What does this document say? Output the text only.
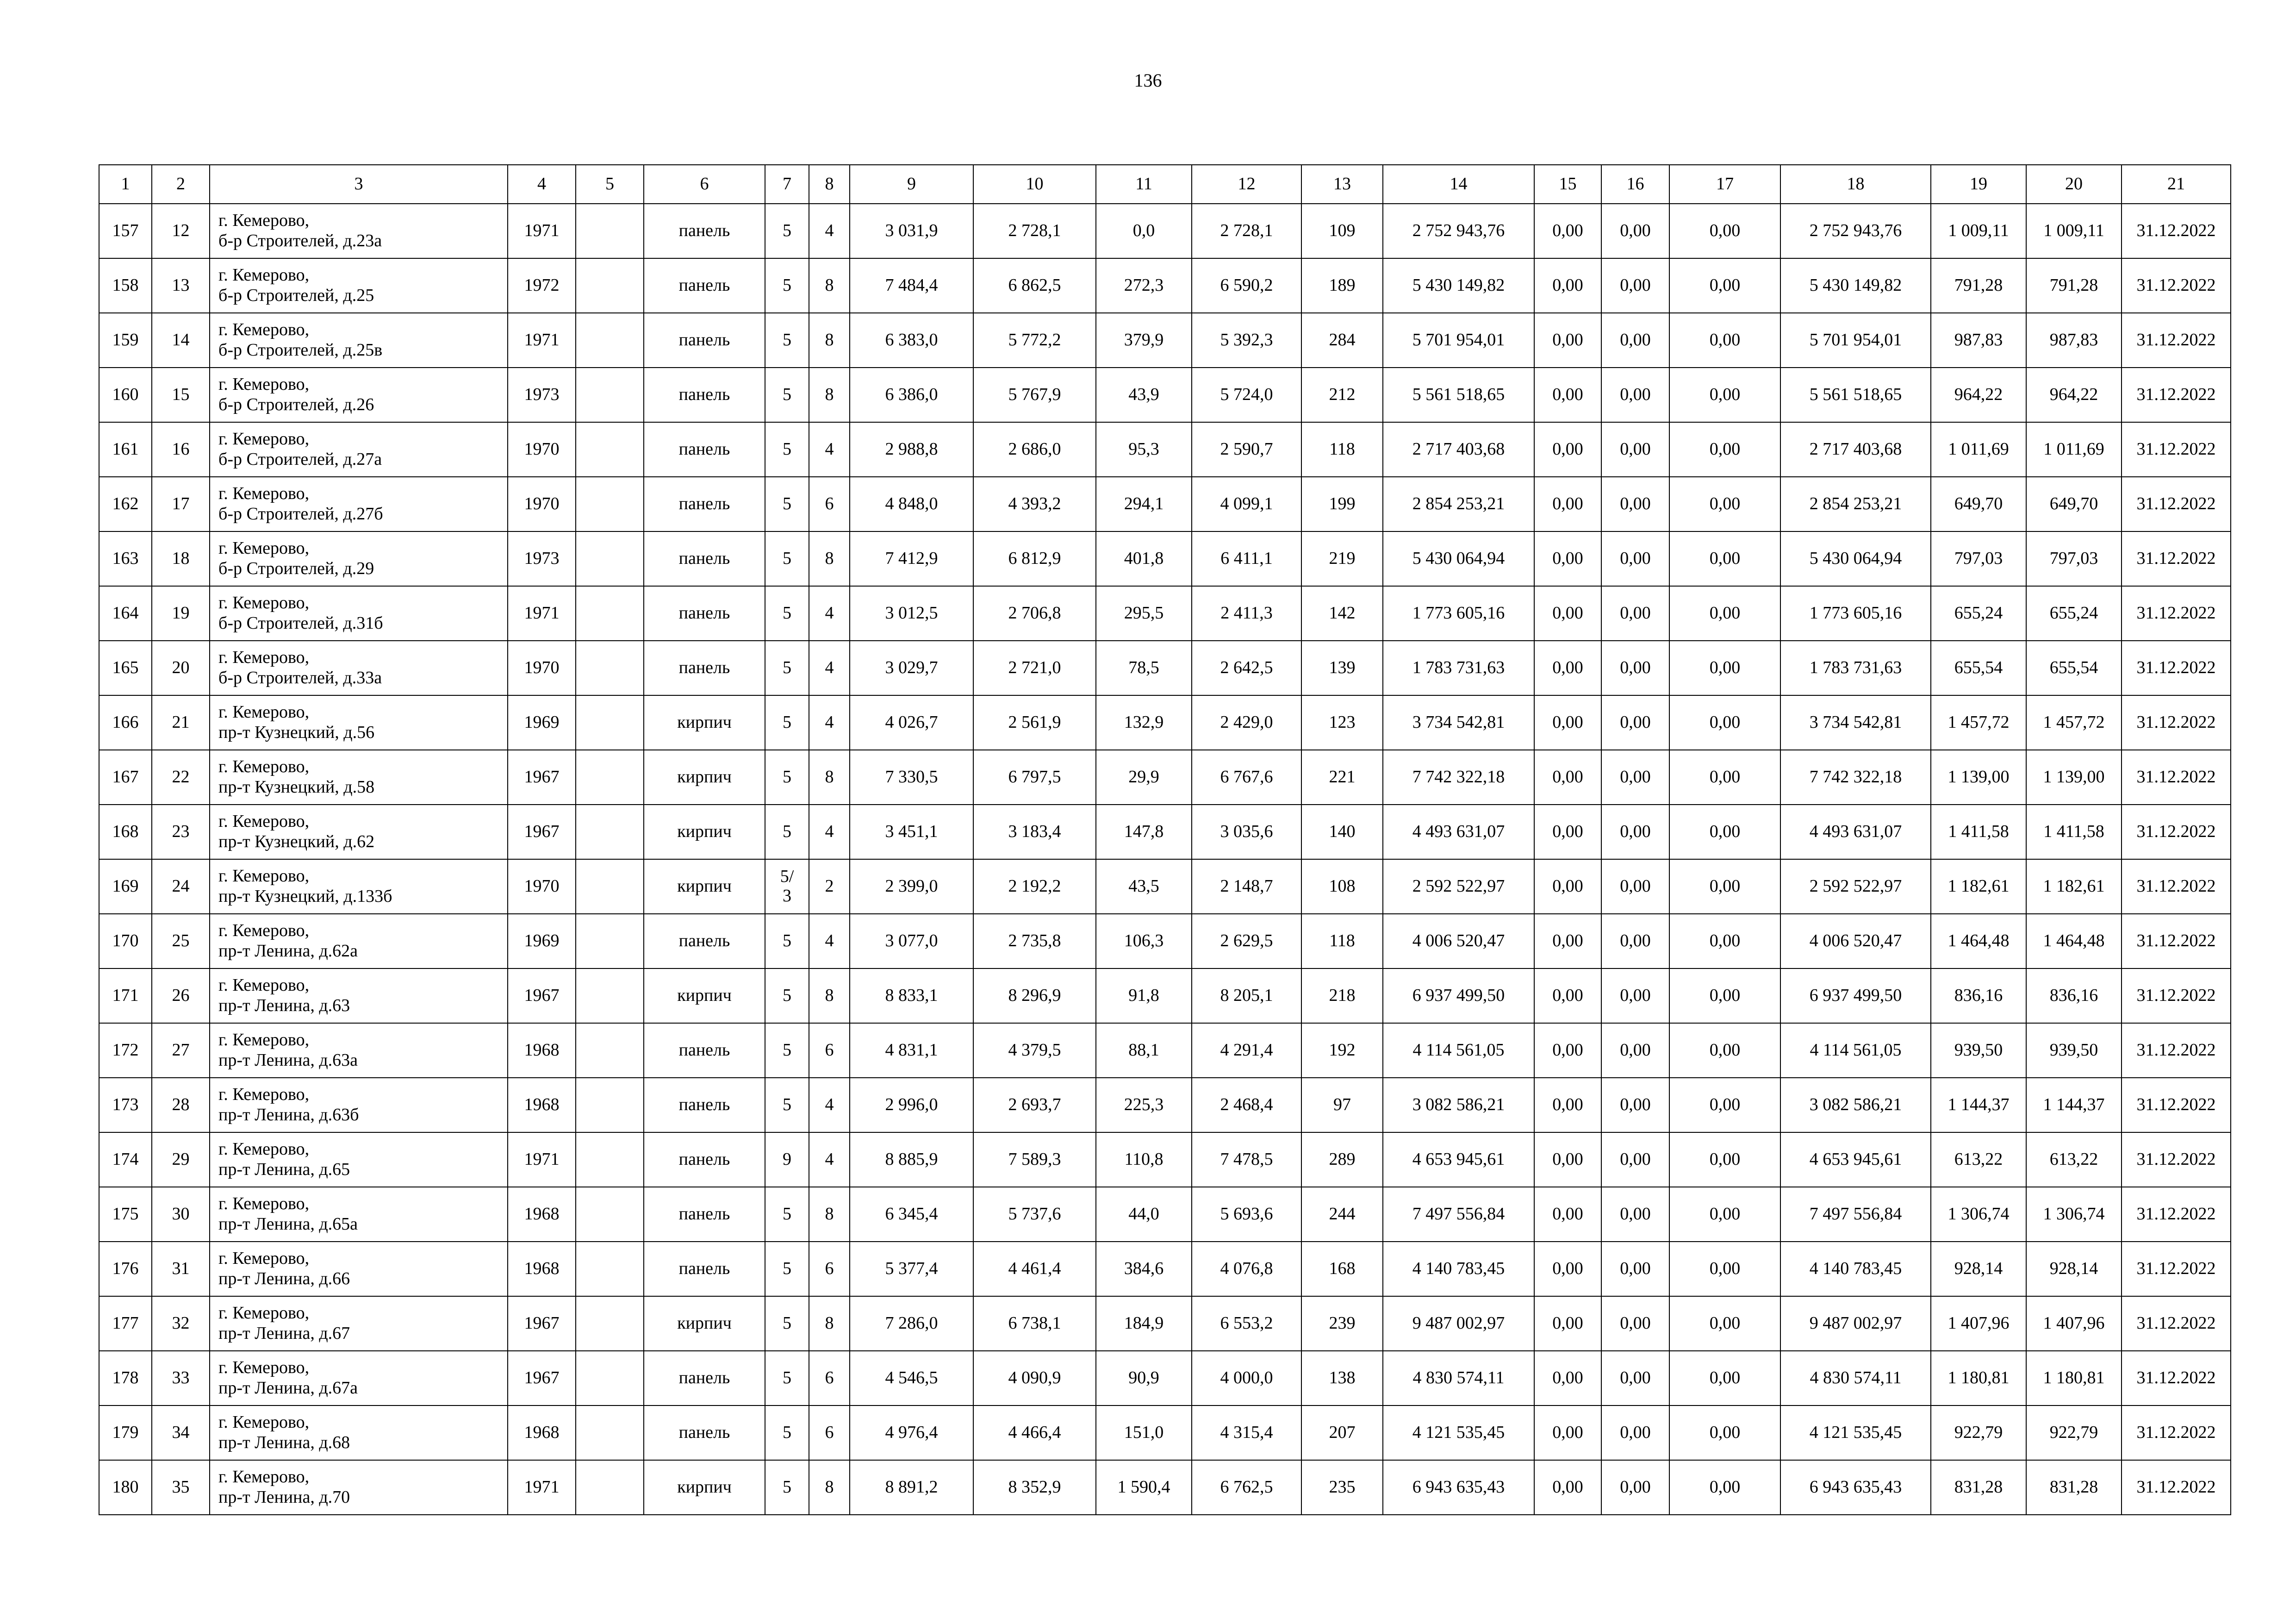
136
1	2	3	4	5	6	7	8	9	10	11	12	13	14	15	16	17	18	19	20	21
157	12	г. Кемерово,
б-р Строителей, д.23а	1971		панель	5	4	3 031,9	2 728,1	0,0	2 728,1	109	2 752 943,76	0,00	0,00	0,00	2 752 943,76	1 009,11	1 009,11	31.12.2022
158	13	г. Кемерово,
б-р Строителей, д.25	1972		панель	5	8	7 484,4	6 862,5	272,3	6 590,2	189	5 430 149,82	0,00	0,00	0,00	5 430 149,82	791,28	791,28	31.12.2022
159	14	г. Кемерово,
б-р Строителей, д.25в	1971		панель	5	8	6 383,0	5 772,2	379,9	5 392,3	284	5 701 954,01	0,00	0,00	0,00	5 701 954,01	987,83	987,83	31.12.2022
160	15	г. Кемерово,
б-р Строителей, д.26	1973		панель	5	8	6 386,0	5 767,9	43,9	5 724,0	212	5 561 518,65	0,00	0,00	0,00	5 561 518,65	964,22	964,22	31.12.2022
161	16	г. Кемерово,
б-р Строителей, д.27а	1970		панель	5	4	2 988,8	2 686,0	95,3	2 590,7	118	2 717 403,68	0,00	0,00	0,00	2 717 403,68	1 011,69	1 011,69	31.12.2022
162	17	г. Кемерово,
б-р Строителей, д.27б	1970		панель	5	6	4 848,0	4 393,2	294,1	4 099,1	199	2 854 253,21	0,00	0,00	0,00	2 854 253,21	649,70	649,70	31.12.2022
163	18	г. Кемерово,
б-р Строителей, д.29	1973		панель	5	8	7 412,9	6 812,9	401,8	6 411,1	219	5 430 064,94	0,00	0,00	0,00	5 430 064,94	797,03	797,03	31.12.2022
164	19	г. Кемерово,
б-р Строителей, д.31б	1971		панель	5	4	3 012,5	2 706,8	295,5	2 411,3	142	1 773 605,16	0,00	0,00	0,00	1 773 605,16	655,24	655,24	31.12.2022
165	20	г. Кемерово,
б-р Строителей, д.33а	1970		панель	5	4	3 029,7	2 721,0	78,5	2 642,5	139	1 783 731,63	0,00	0,00	0,00	1 783 731,63	655,54	655,54	31.12.2022
166	21	г. Кемерово,
пр-т Кузнецкий, д.56	1969		кирпич	5	4	4 026,7	2 561,9	132,9	2 429,0	123	3 734 542,81	0,00	0,00	0,00	3 734 542,81	1 457,72	1 457,72	31.12.2022
167	22	г. Кемерово,
пр-т Кузнецкий, д.58	1967		кирпич	5	8	7 330,5	6 797,5	29,9	6 767,6	221	7 742 322,18	0,00	0,00	0,00	7 742 322,18	1 139,00	1 139,00	31.12.2022
168	23	г. Кемерово,
пр-т Кузнецкий, д.62	1967		кирпич	5	4	3 451,1	3 183,4	147,8	3 035,6	140	4 493 631,07	0,00	0,00	0,00	4 493 631,07	1 411,58	1 411,58	31.12.2022
169	24	г. Кемерово,
пр-т Кузнецкий, д.133б	1970		кирпич	5/
3	2	2 399,0	2 192,2	43,5	2 148,7	108	2 592 522,97	0,00	0,00	0,00	2 592 522,97	1 182,61	1 182,61	31.12.2022
170	25	г. Кемерово,
пр-т Ленина, д.62а	1969		панель	5	4	3 077,0	2 735,8	106,3	2 629,5	118	4 006 520,47	0,00	0,00	0,00	4 006 520,47	1 464,48	1 464,48	31.12.2022
171	26	г. Кемерово,
пр-т Ленина, д.63	1967		кирпич	5	8	8 833,1	8 296,9	91,8	8 205,1	218	6 937 499,50	0,00	0,00	0,00	6 937 499,50	836,16	836,16	31.12.2022
172	27	г. Кемерово,
пр-т Ленина, д.63а	1968		панель	5	6	4 831,1	4 379,5	88,1	4 291,4	192	4 114 561,05	0,00	0,00	0,00	4 114 561,05	939,50	939,50	31.12.2022
173	28	г. Кемерово,
пр-т Ленина, д.63б	1968		панель	5	4	2 996,0	2 693,7	225,3	2 468,4	97	3 082 586,21	0,00	0,00	0,00	3 082 586,21	1 144,37	1 144,37	31.12.2022
174	29	г. Кемерово,
пр-т Ленина, д.65	1971		панель	9	4	8 885,9	7 589,3	110,8	7 478,5	289	4 653 945,61	0,00	0,00	0,00	4 653 945,61	613,22	613,22	31.12.2022
175	30	г. Кемерово,
пр-т Ленина, д.65а	1968		панель	5	8	6 345,4	5 737,6	44,0	5 693,6	244	7 497 556,84	0,00	0,00	0,00	7 497 556,84	1 306,74	1 306,74	31.12.2022
176	31	г. Кемерово,
пр-т Ленина, д.66	1968		панель	5	6	5 377,4	4 461,4	384,6	4 076,8	168	4 140 783,45	0,00	0,00	0,00	4 140 783,45	928,14	928,14	31.12.2022
177	32	г. Кемерово,
пр-т Ленина, д.67	1967		кирпич	5	8	7 286,0	6 738,1	184,9	6 553,2	239	9 487 002,97	0,00	0,00	0,00	9 487 002,97	1 407,96	1 407,96	31.12.2022
178	33	г. Кемерово,
пр-т Ленина, д.67а	1967		панель	5	6	4 546,5	4 090,9	90,9	4 000,0	138	4 830 574,11	0,00	0,00	0,00	4 830 574,11	1 180,81	1 180,81	31.12.2022
179	34	г. Кемерово,
пр-т Ленина, д.68	1968		панель	5	6	4 976,4	4 466,4	151,0	4 315,4	207	4 121 535,45	0,00	0,00	0,00	4 121 535,45	922,79	922,79	31.12.2022
180	35	г. Кемерово,
пр-т Ленина, д.70	1971		кирпич	5	8	8 891,2	8 352,9	1 590,4	6 762,5	235	6 943 635,43	0,00	0,00	0,00	6 943 635,43	831,28	831,28	31.12.2022
